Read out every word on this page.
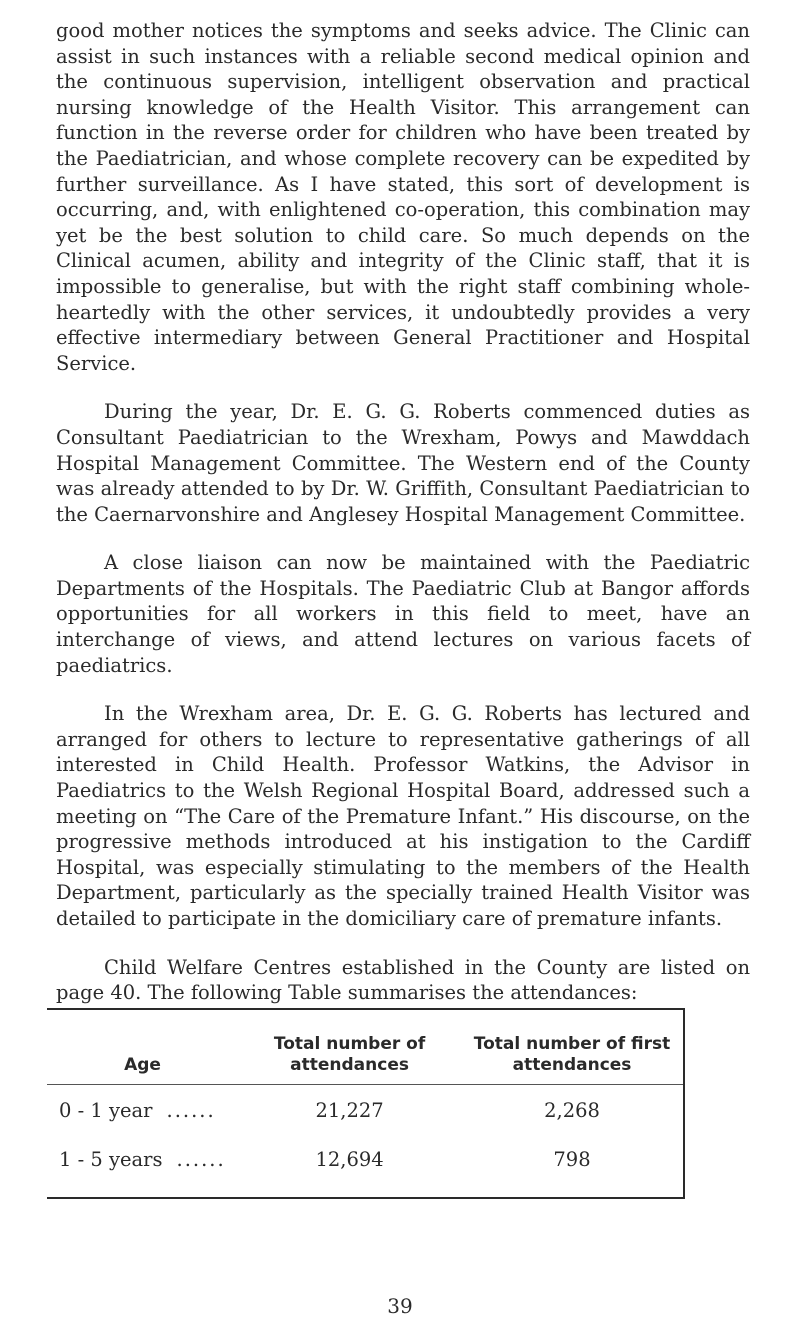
good mother notices the symptoms and seeks advice. The Clinic can assist in such instances with a reliable second medical opinion and the continuous supervision, intelligent observation and practical nursing knowledge of the Health Visitor. This arrangement can function in the reverse order for children who have been treated by the Paediatrician, and whose complete recovery can be expedited by further surveillance. As I have stated, this sort of development is occurring, and, with enlightened co-operation, this combination may yet be the best solution to child care. So much depends on the Clinical acumen, ability and integrity of the Clinic staff, that it is impossible to generalise, but with the right staff combining whole-heartedly with the other services, it undoubtedly provides a very effective intermediary between General Practitioner and Hospital Service.

During the year, Dr. E. G. G. Roberts commenced duties as Consultant Paediatrician to the Wrexham, Powys and Mawddach Hospital Management Committee. The Western end of the County was already attended to by Dr. W. Griffith, Consultant Paediatrician to the Caernarvonshire and Anglesey Hospital Management Committee.

A close liaison can now be maintained with the Paediatric Departments of the Hospitals. The Paediatric Club at Bangor affords opportunities for all workers in this field to meet, have an interchange of views, and attend lectures on various facets of paediatrics.

In the Wrexham area, Dr. E. G. G. Roberts has lectured and arranged for others to lecture to representative gatherings of all interested in Child Health. Professor Watkins, the Advisor in Paediatrics to the Welsh Regional Hospital Board, addressed such a meeting on “The Care of the Premature Infant.” His discourse, on the progressive methods introduced at his instigation to the Cardiff Hospital, was especially stimulating to the members of the Health Department, particularly as the specially trained Health Visitor was detailed to participate in the domiciliary care of premature infants.

Child Welfare Centres established in the County are listed on page 40. The following Table summarises the attendances:

Age	Total number of attendances	Total number of first attendances
0 - 1 year ......	21,227	2,268
1 - 5 years ......	12,694	798
39
